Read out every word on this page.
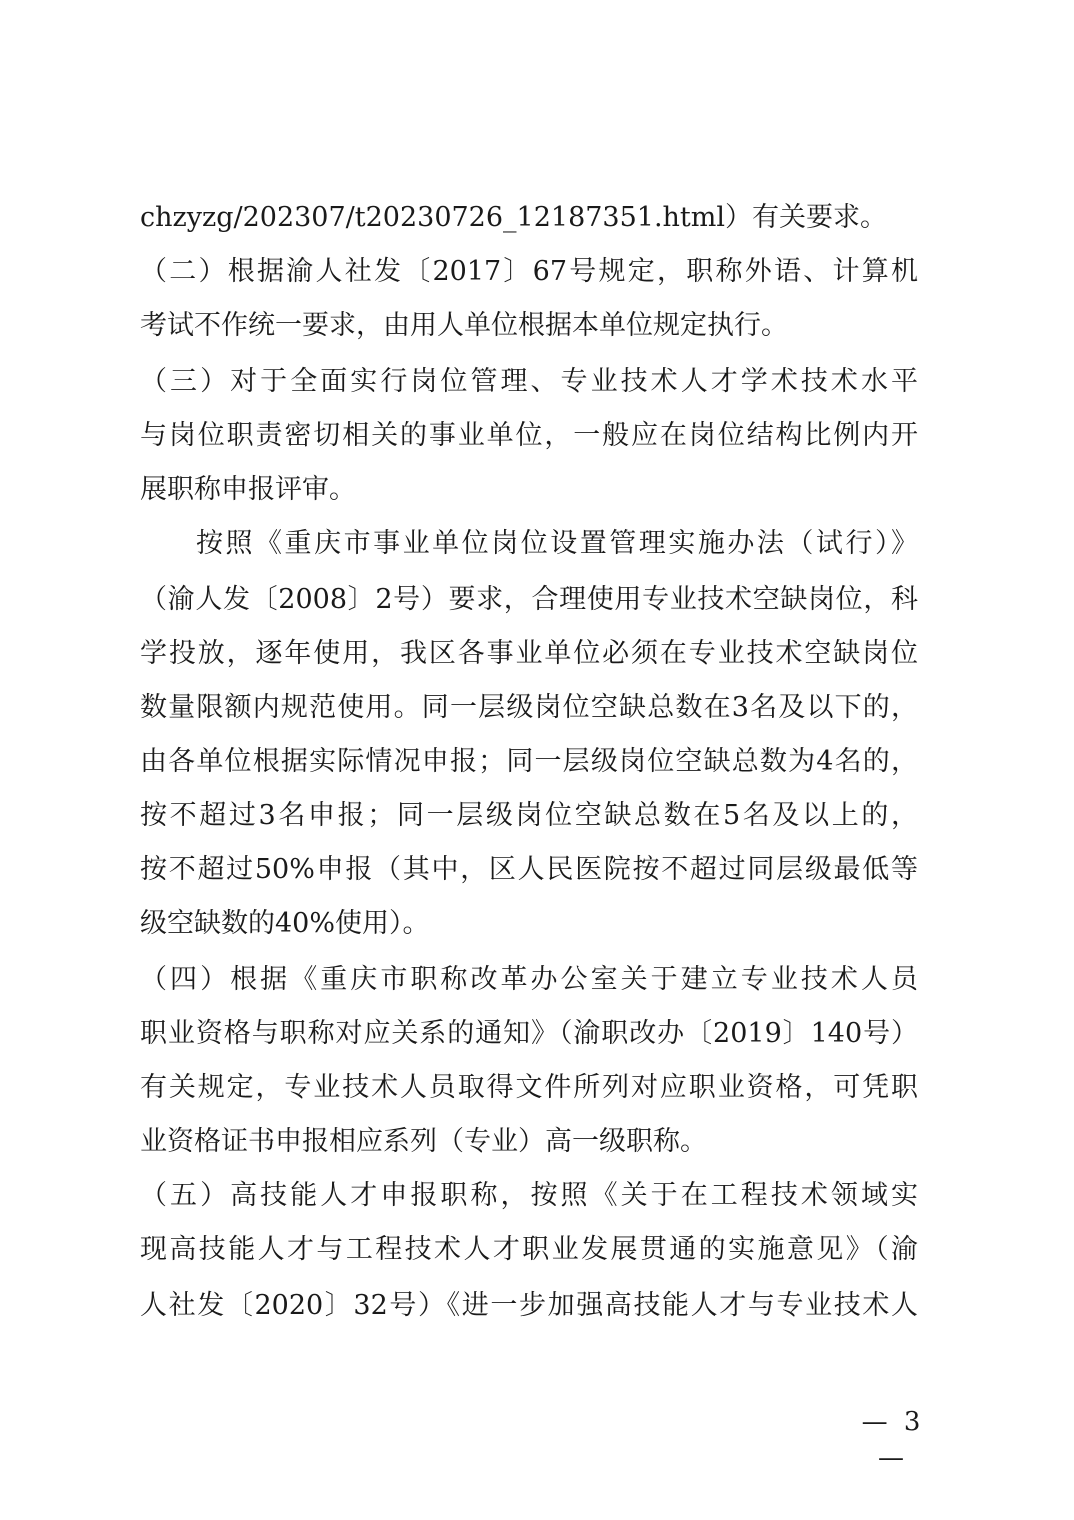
chzyzg/202307/t20230726_12187351.html）有关要求。
（二）根据渝人社发〔2017〕67号规定，职称外语、计算机
考试不作统一要求，由用人单位根据本单位规定执行。
（三）对于全面实行岗位管理、专业技术人才学术技术水平
与岗位职责密切相关的事业单位，一般应在岗位结构比例内开
展职称申报评审。
按照《重庆市事业单位岗位设置管理实施办法（试行）》
（渝人发〔2008〕2号）要求，合理使用专业技术空缺岗位，科
学投放，逐年使用，我区各事业单位必须在专业技术空缺岗位
数量限额内规范使用。同一层级岗位空缺总数在3名及以下的，
由各单位根据实际情况申报；同一层级岗位空缺总数为4名的，
按不超过3名申报；同一层级岗位空缺总数在5名及以上的，
按不超过50%申报（其中，区人民医院按不超过同层级最低等
级空缺数的40%使用）。
（四）根据《重庆市职称改革办公室关于建立专业技术人员
职业资格与职称对应关系的通知》（渝职改办〔2019〕140号）
有关规定，专业技术人员取得文件所列对应职业资格，可凭职
业资格证书申报相应系列（专业）高一级职称。
（五）高技能人才申报职称，按照《关于在工程技术领域实
现高技能人才与工程技术人才职业发展贯通的实施意见》（渝
人社发〔2020〕32号）《进一步加强高技能人才与专业技术人
— 3 —
